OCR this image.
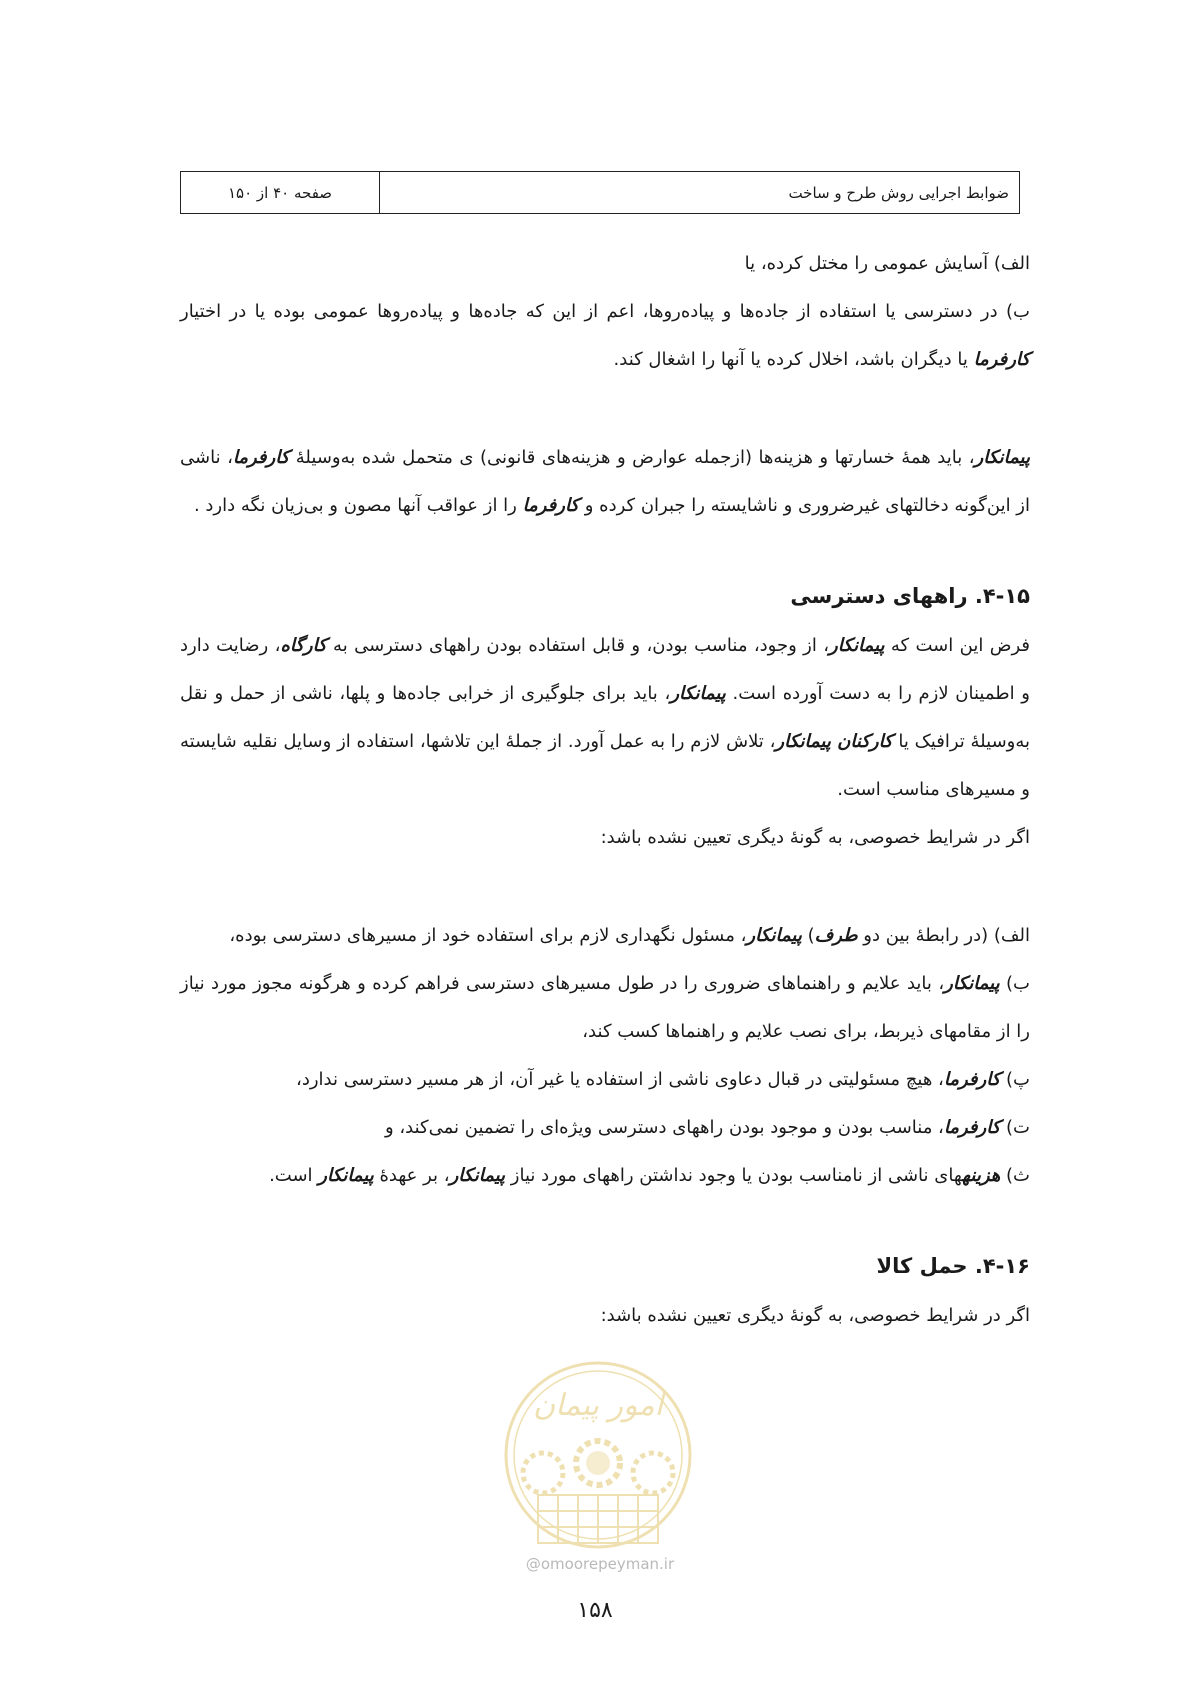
ضوابط اجرایی روش طرح و ساخت
صفحه ۴۰ از ۱۵۰

الف) آسایش عمومی را مختل کرده، یا

ب) در دسترسی یا استفاده از جاده‌ها و پیاده‌روها، اعم از این که جاده‌ها و پیاده‌روها عمومی بوده یا در اختیار کارفرما یا دیگران باشد، اخلال کرده یا آنها را اشغال کند.

پیمانکار، باید همهٔ خسارتها و هزینه‌ها (ازجمله عوارض و هزینه‌های قانونی) ی متحمل شده به‌وسیلهٔ کارفرما، ناشی از این‌گونه دخالتهای غیرضروری و ناشایسته را جبران کرده و کارفرما را از عواقب آنها مصون و بی‌زیان نگه دارد .

۴-۱۵. راههای دسترسی

فرض این است که پیمانکار، از وجود، مناسب بودن، و قابل استفاده بودن راههای دسترسی به کارگاه، رضایت دارد و اطمینان لازم را به دست آورده است. پیمانکار، باید برای جلوگیری از خرابی جاده‌ها و پلها، ناشی از حمل و نقل به‌وسیلهٔ ترافیک یا کارکنان پیمانکار، تلاش لازم را به عمل آورد. از جملهٔ این تلاشها، استفاده از وسایل نقلیه شایسته و مسیرهای مناسب است.

اگر در شرایط خصوصی، به گونهٔ دیگری تعیین نشده باشد:

الف) (در رابطهٔ بین دو طرف) پیمانکار، مسئول نگهداری لازم برای استفاده خود از مسیرهای دسترسی بوده،

ب) پیمانکار، باید علایم و راهنماهای ضروری را در طول مسیرهای دسترسی فراهم کرده و هرگونه مجوز مورد نیاز را از مقامهای ذیربط، برای نصب علایم و راهنماها کسب کند،

پ) کارفرما، هیچ مسئولیتی در قبال دعاوی ناشی از استفاده یا غیر آن، از هر مسیر دسترسی ندارد،

ت) کارفرما، مناسب بودن و موجود بودن راههای دسترسی ویژه‌ای را تضمین نمی‌کند، و

ث) هزینههای ناشی از نامناسب بودن یا وجود نداشتن راههای مورد نیاز پیمانکار، بر عهدهٔ پیمانکار است.

۴-۱۶. حمل کالا

اگر در شرایط خصوصی، به گونهٔ دیگری تعیین نشده باشد:

امور پیمان
@omoorepeyman.ir
۱۵۸
